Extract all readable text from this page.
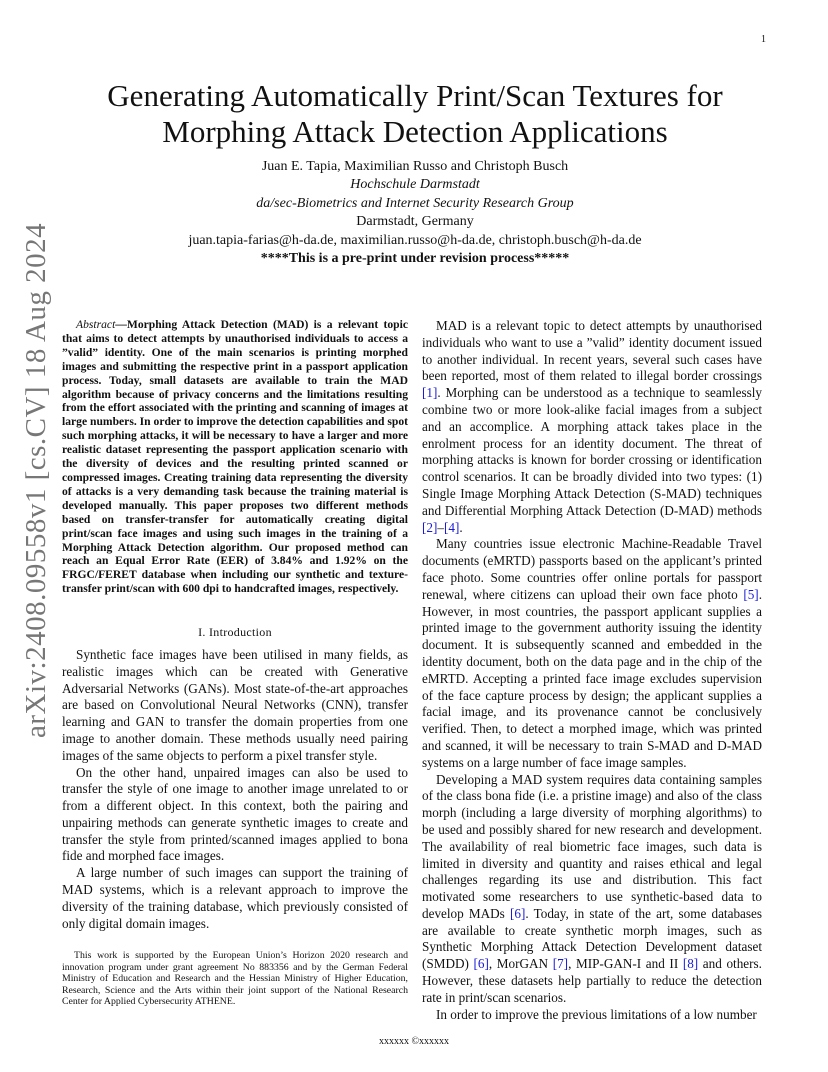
1
arXiv:2408.09558v1 [cs.CV] 18 Aug 2024
Generating Automatically Print/Scan Textures for
Morphing Attack Detection Applications
Juan E. Tapia, Maximilian Russo and Christoph Busch
Hochschule Darmstadt
da/sec-Biometrics and Internet Security Research Group
Darmstadt, Germany
juan.tapia-farias@h-da.de, maximilian.russo@h-da.de, christoph.busch@h-da.de
****This is a pre-print under revision process*****

Abstract—Morphing Attack Detection (MAD) is a relevant topic that aims to detect attempts by unauthorised individuals to access a ”valid” identity. One of the main scenarios is printing morphed images and submitting the respective print in a passport application process. Today, small datasets are available to train the MAD algorithm because of privacy concerns and the limitations resulting from the effort associated with the printing and scanning of images at large numbers. In order to improve the detection capabilities and spot such morphing attacks, it will be necessary to have a larger and more realistic dataset representing the passport application scenario with the diversity of devices and the resulting printed scanned or compressed images. Creating training data representing the diversity of attacks is a very demanding task because the training material is developed manually. This paper proposes two different methods based on transfer-transfer for automatically creating digital print/scan face images and using such images in the training of a Morphing Attack Detection algorithm. Our proposed method can reach an Equal Error Rate (EER) of 3.84% and 1.92% on the FRGC/FERET database when including our synthetic and texture-transfer print/scan with 600 dpi to handcrafted images, respectively.

I. Introduction

Synthetic face images have been utilised in many fields, as realistic images which can be created with Generative Adversarial Networks (GANs). Most state-of-the-art approaches are based on Convolutional Neural Networks (CNN), transfer learning and GAN to transfer the domain properties from one image to another domain. These methods usually need pairing images of the same objects to perform a pixel transfer style.

On the other hand, unpaired images can also be used to transfer the style of one image to another image unrelated to or from a different object. In this context, both the pairing and unpairing methods can generate synthetic images to create and transfer the style from printed/scanned images applied to bona fide and morphed face images.

A large number of such images can support the training of MAD systems, which is a relevant approach to improve the diversity of the training database, which previously consisted of only digital domain images.

This work is supported by the European Union’s Horizon 2020 research and innovation program under grant agreement No 883356 and by the German Federal Ministry of Education and Research and the Hessian Ministry of Higher Education, Research, Science and the Arts within their joint support of the National Research Center for Applied Cybersecurity ATHENE.

MAD is a relevant topic to detect attempts by unauthorised individuals who want to use a ”valid” identity document issued to another individual. In recent years, several such cases have been reported, most of them related to illegal border crossings [1]. Morphing can be understood as a technique to seamlessly combine two or more look-alike facial images from a subject and an accomplice. A morphing attack takes place in the enrolment process for an identity document. The threat of morphing attacks is known for border crossing or identification control scenarios. It can be broadly divided into two types: (1) Single Image Morphing Attack Detection (S-MAD) techniques and Differential Morphing Attack Detection (D-MAD) methods [2]–[4].

Many countries issue electronic Machine-Readable Travel documents (eMRTD) passports based on the applicant’s printed face photo. Some countries offer online portals for passport renewal, where citizens can upload their own face photo [5]. However, in most countries, the passport applicant supplies a printed image to the government authority issuing the identity document. It is subsequently scanned and embedded in the identity document, both on the data page and in the chip of the eMRTD. Accepting a printed face image excludes supervision of the face capture process by design; the applicant supplies a facial image, and its provenance cannot be conclusively verified. Then, to detect a morphed image, which was printed and scanned, it will be necessary to train S-MAD and D-MAD systems on a large number of face image samples.

Developing a MAD system requires data containing samples of the class bona fide (i.e. a pristine image) and also of the class morph (including a large diversity of morphing algorithms) to be used and possibly shared for new research and development. The availability of real biometric face images, such data is limited in diversity and quantity and raises ethical and legal challenges regarding its use and distribution. This fact motivated some researchers to use synthetic-based data to develop MADs [6]. Today, in state of the art, some databases are available to create synthetic morph images, such as Synthetic Morphing Attack Detection Development dataset (SMDD) [6], MorGAN [7], MIP-GAN-I and II [8] and others. However, these datasets help partially to reduce the detection rate in print/scan scenarios.

In order to improve the previous limitations of a low number

xxxxxx ©xxxxxx
